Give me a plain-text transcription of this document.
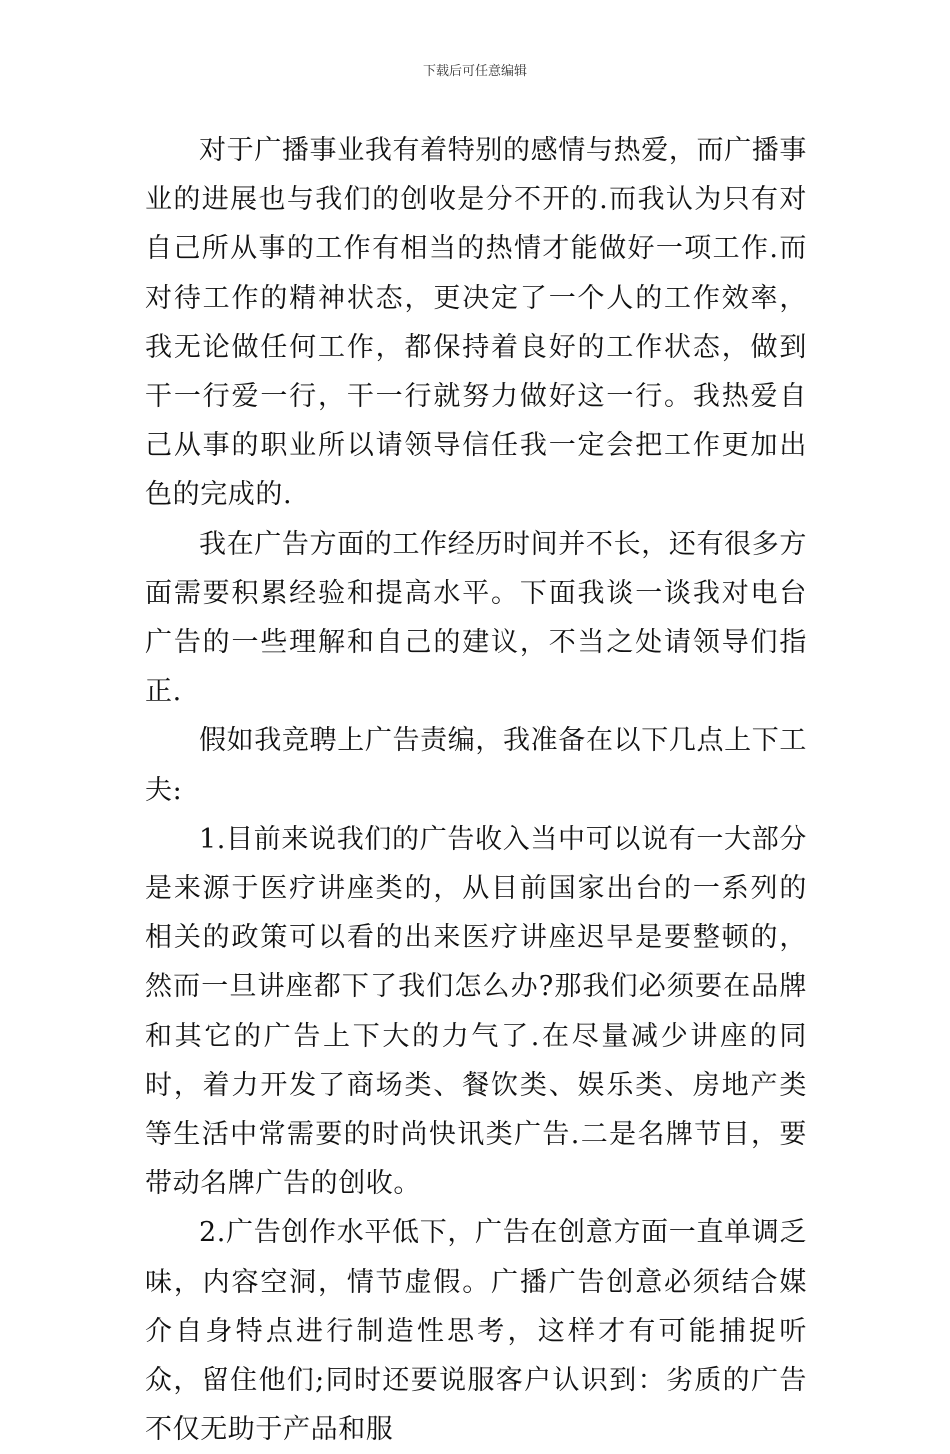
下载后可任意编辑

对于广播事业我有着特别的感情与热爱，而广播事业的进展也与我们的创收是分不开的.而我认为只有对自己所从事的工作有相当的热情才能做好一项工作.而对待工作的精神状态，更决定了一个人的工作效率，我无论做任何工作，都保持着良好的工作状态，做到干一行爱一行，干一行就努力做好这一行。我热爱自己从事的职业所以请领导信任我一定会把工作更加出色的完成的.

我在广告方面的工作经历时间并不长，还有很多方面需要积累经验和提高水平。下面我谈一谈我对电台广告的一些理解和自己的建议，不当之处请领导们指正.

假如我竞聘上广告责编，我准备在以下几点上下工夫:

1.目前来说我们的广告收入当中可以说有一大部分是来源于医疗讲座类的，从目前国家出台的一系列的相关的政策可以看的出来医疗讲座迟早是要整顿的，然而一旦讲座都下了我们怎么办?那我们必须要在品牌和其它的广告上下大的力气了.在尽量减少讲座的同时，着力开发了商场类、餐饮类、娱乐类、房地产类等生活中常需要的时尚快讯类广告.二是名牌节目，要带动名牌广告的创收。

2.广告创作水平低下，广告在创意方面一直单调乏味，内容空洞，情节虚假。广播广告创意必须结合媒介自身特点进行制造性思考，这样才有可能捕捉听众，留住他们;同时还要说服客户认识到：劣质的广告不仅无助于产品和服
